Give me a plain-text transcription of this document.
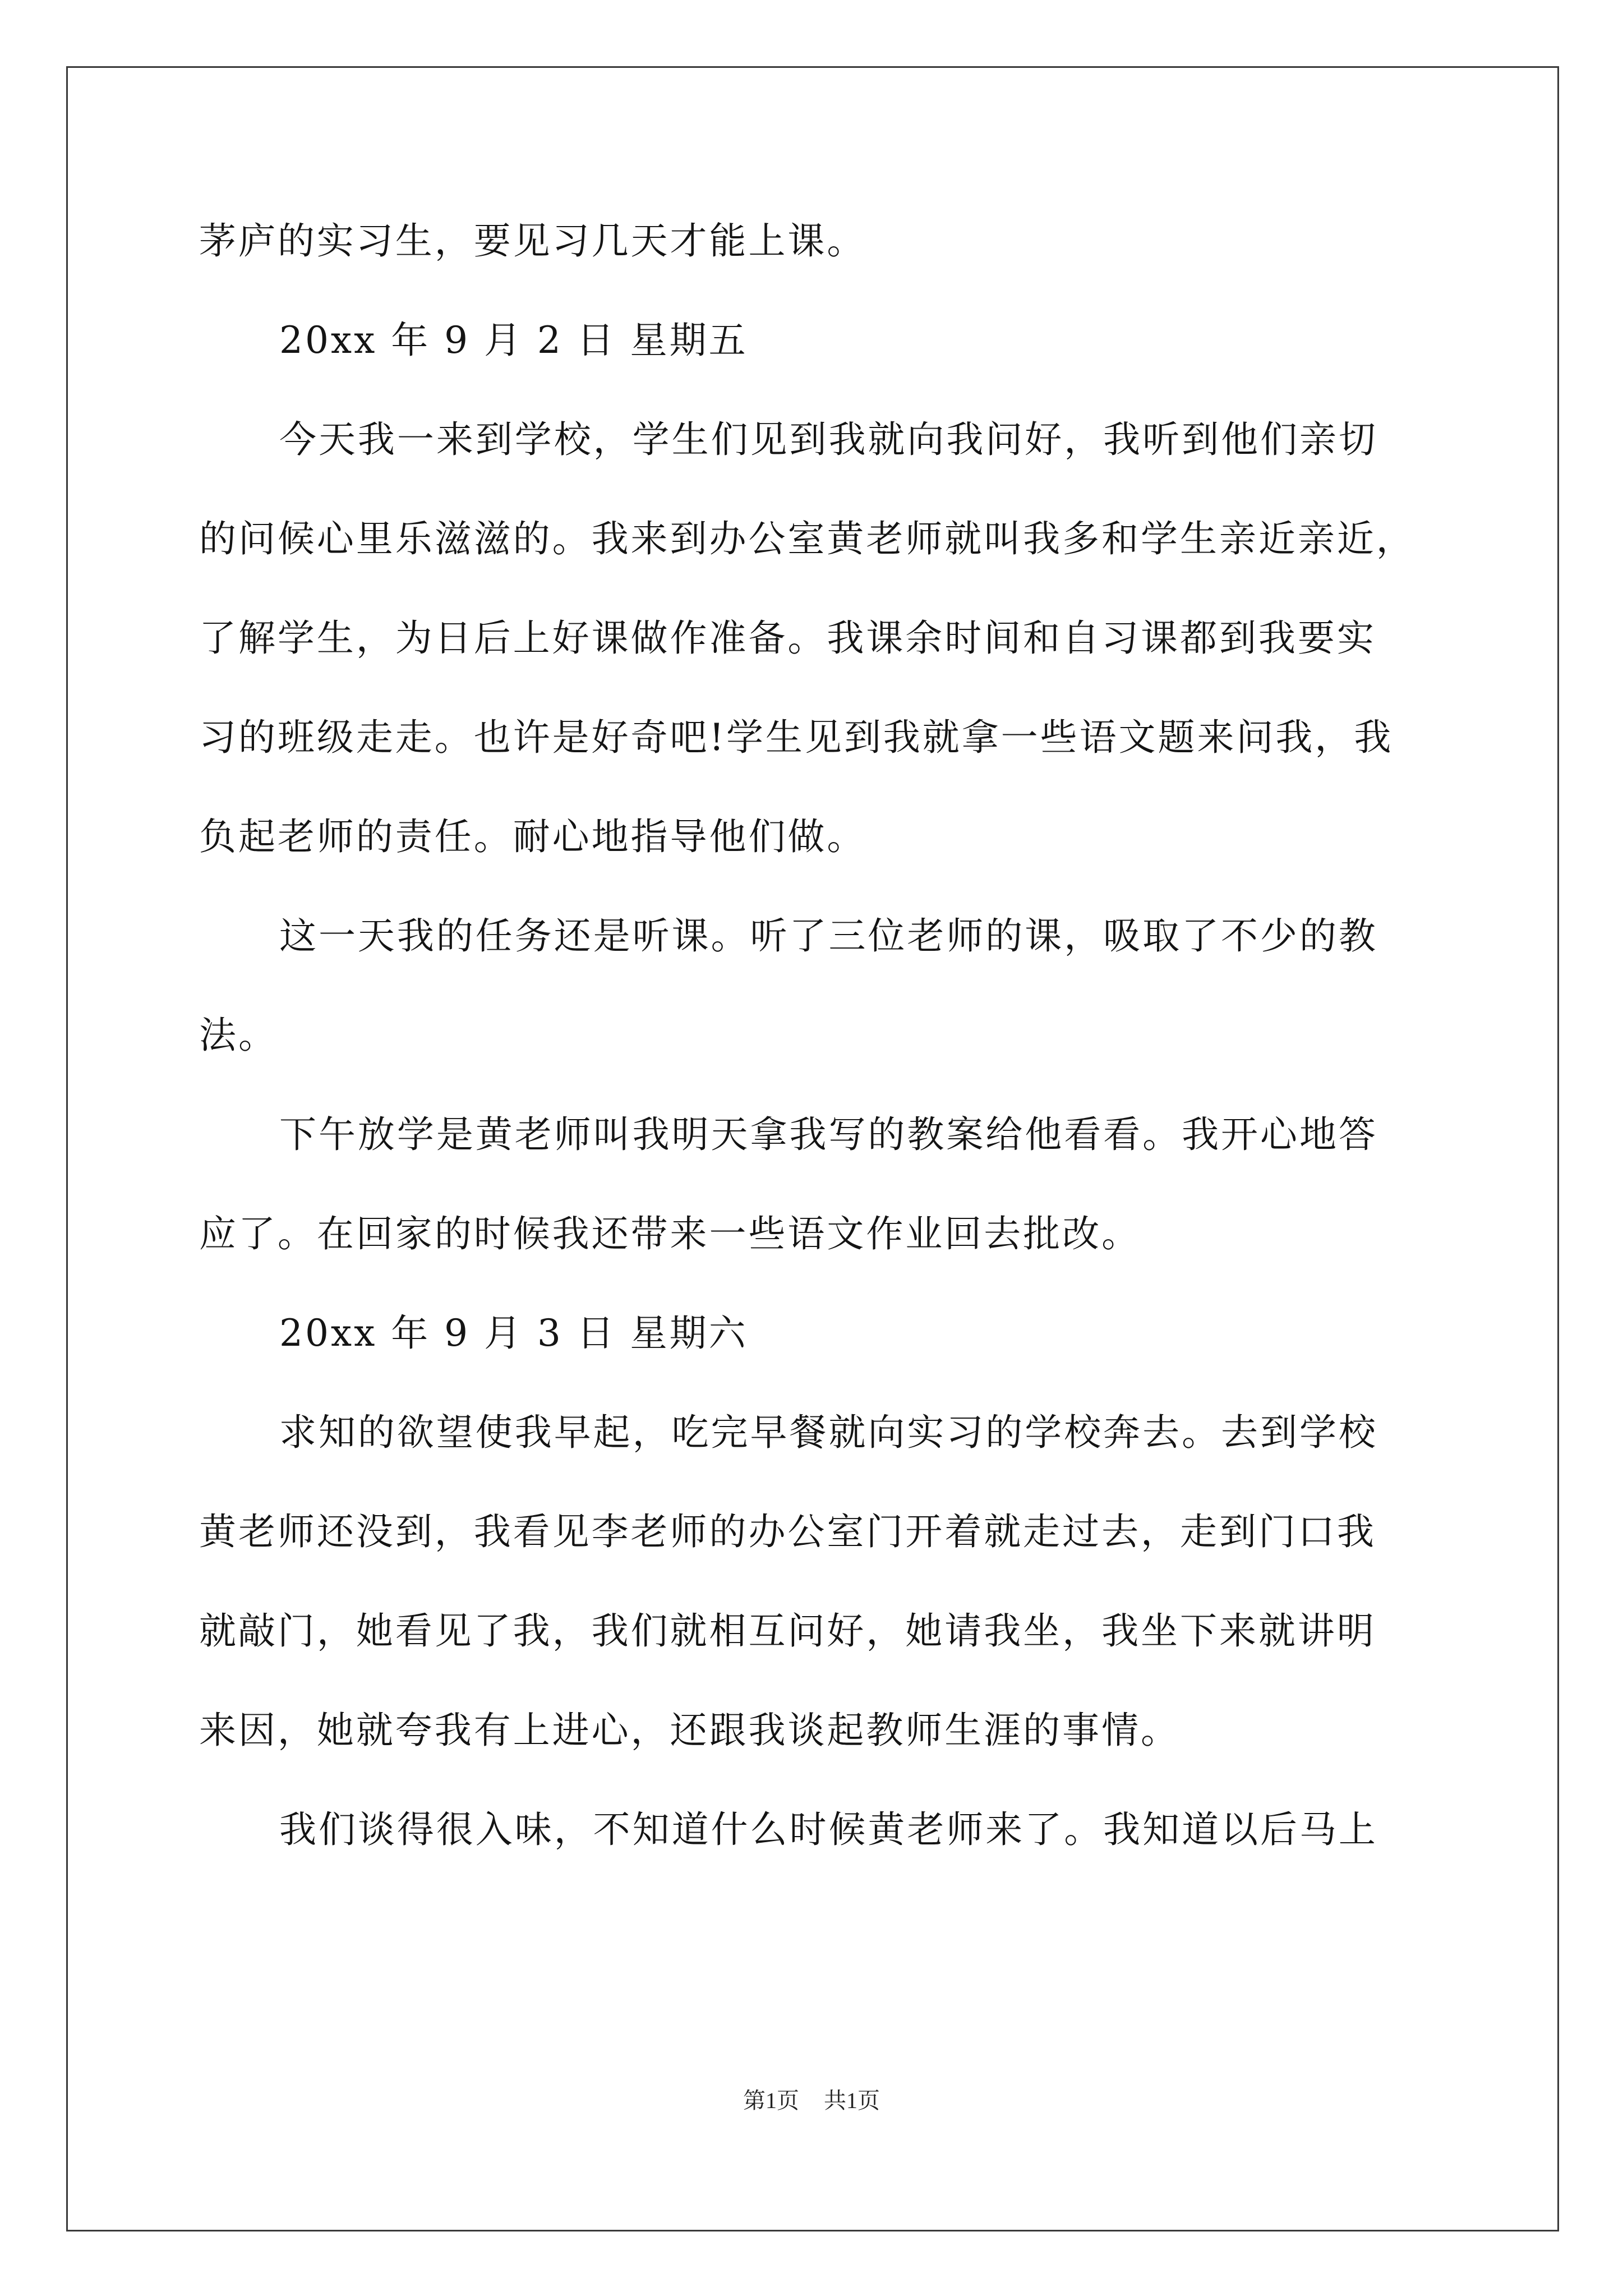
茅庐的实习生，要见习几天才能上课。
20xx 年 9 月 2 日 星期五
今天我一来到学校，学生们见到我就向我问好，我听到他们亲切
的问候心里乐滋滋的。我来到办公室黄老师就叫我多和学生亲近亲近，
了解学生，为日后上好课做作准备。我课余时间和自习课都到我要实
习的班级走走。也许是好奇吧!学生见到我就拿一些语文题来问我，我
负起老师的责任。耐心地指导他们做。
这一天我的任务还是听课。听了三位老师的课，吸取了不少的教
法。
下午放学是黄老师叫我明天拿我写的教案给他看看。我开心地答
应了。在回家的时候我还带来一些语文作业回去批改。
20xx 年 9 月 3 日 星期六
求知的欲望使我早起，吃完早餐就向实习的学校奔去。去到学校
黄老师还没到，我看见李老师的办公室门开着就走过去，走到门口我
就敲门，她看见了我，我们就相互问好，她请我坐，我坐下来就讲明
来因，她就夸我有上进心，还跟我谈起教师生涯的事情。
我们谈得很入味，不知道什么时候黄老师来了。我知道以后马上
第1页 共1页
